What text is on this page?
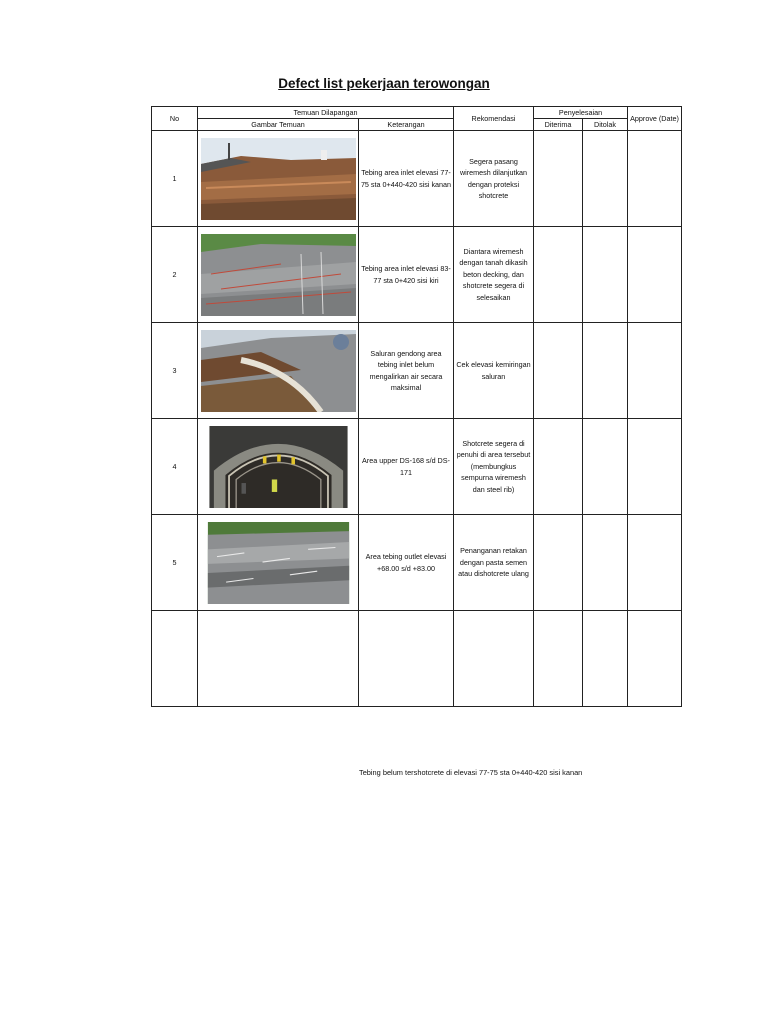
Defect list pekerjaan terowongan
No	Temuan Dilapangan		Rekomendasi	Penyelesaian		Approve (Date)
	Gambar Temuan	Keterangan		Diterima	Ditolak	
1		Tebing area inlet elevasi 77-75 sta 0+440-420 sisi kanan	Segera pasang wiremesh dilanjutkan dengan proteksi shotcrete			
2		Tebing area inlet elevasi 83-77 sta 0+420 sisi kiri	Diantara wiremesh dengan tanah dikasih beton decking, dan shotcrete segera di selesaikan			
3		Saluran gendong area tebing inlet belum mengalirkan air secara maksimal	Cek elevasi kemiringan saluran			
4		Area upper DS-168 s/d DS-171	Shotcrete segera di penuhi di area tersebut (membungkus sempurna wiremesh dan steel rib)			
5		Area tebing outlet elevasi +68.00 s/d +83.00	Penanganan retakan dengan pasta semen atau dishotcrete ulang			

Tebing belum tershotcrete di elevasi 77-75 sta 0+440-420 sisi kanan
